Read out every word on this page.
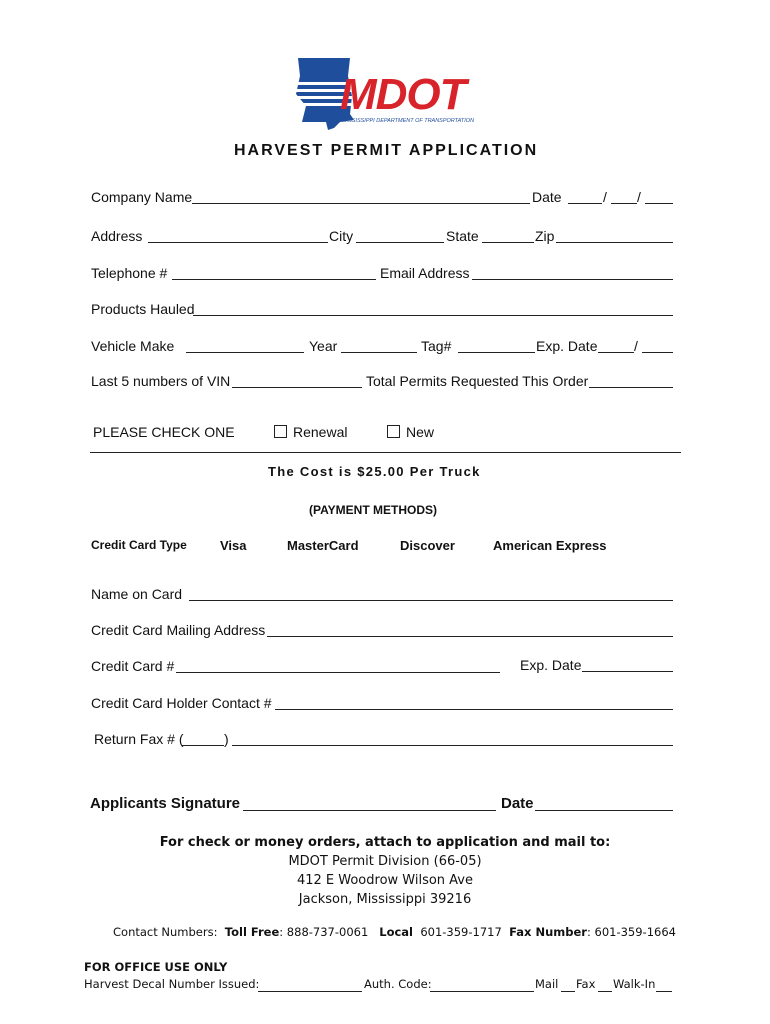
MDOT
MISSISSIPPI DEPARTMENT OF TRANSPORTATION
HARVEST PERMIT APPLICATION
Company Name	Date	/ /
Address	City	State	Zip
Telephone #	Email Address
Products Hauled
Vehicle Make	Year	Tag#	Exp. Date	/
Last 5 numbers of VIN	Total Permits Requested This Order
PLEASE CHECK ONE	Renewal	New
The Cost is $25.00 Per Truck
(PAYMENT METHODS)
Credit Card Type	Visa	MasterCard	Discover	American Express
Name on Card
Credit Card Mailing Address
Credit Card #	Exp. Date
Credit Card Holder Contact #
Return Fax # (	)
Applicants Signature	Date
For check or money orders, attach to application and mail to:
MDOT Permit Division (66-05)
412 E Woodrow Wilson Ave
Jackson, Mississippi 39216
Contact Numbers: Toll Free: 888-737-0061 Local 601-359-1717 Fax Number: 601-359-1664
FOR OFFICE USE ONLY
Harvest Decal Number Issued:	Auth. Code:	Mail Fax Walk-In
